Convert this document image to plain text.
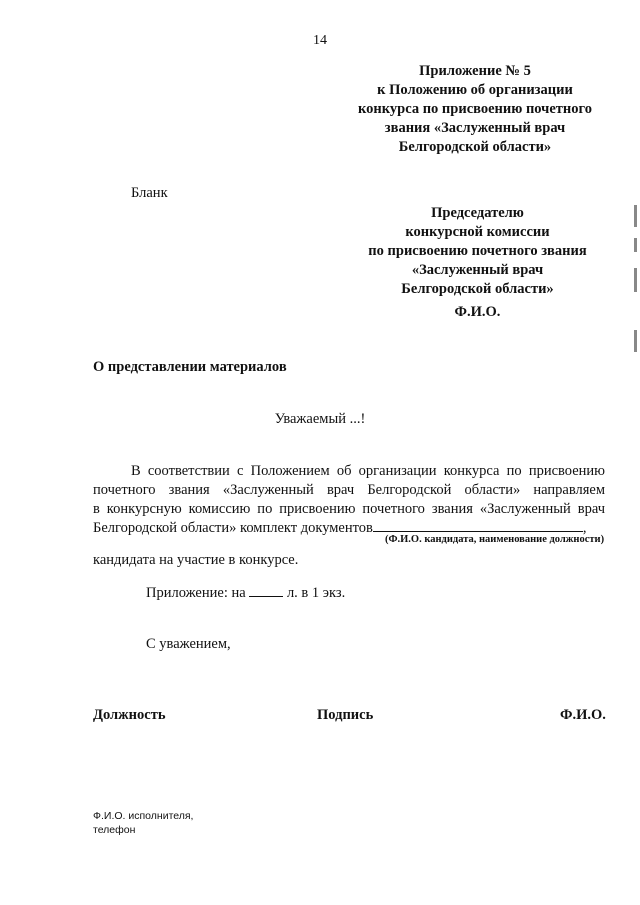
14
Приложение № 5
к Положению об организации
конкурса по присвоению почетного
звания «Заслуженный врач
Белгородской области»
Бланк
Председателю
конкурсной комиссии
по присвоению почетного звания
«Заслуженный врач
Белгородской области»
Ф.И.О.
О представлении материалов
Уважаемый ...!
В соответствии с Положением об организации конкурса по присвоению
почетного звания «Заслуженный врач Белгородской области» направляем
в конкурсную комиссию по присвоению почетного звания «Заслуженный врач
Белгородской области» комплект документов	,
(Ф.И.О. кандидата, наименование должности)
кандидата на участие в конкурсе.
Приложение: на	л. в 1 экз.
С уважением,
Должность	Подпись	Ф.И.О.
Ф.И.О. исполнителя,
телефон
